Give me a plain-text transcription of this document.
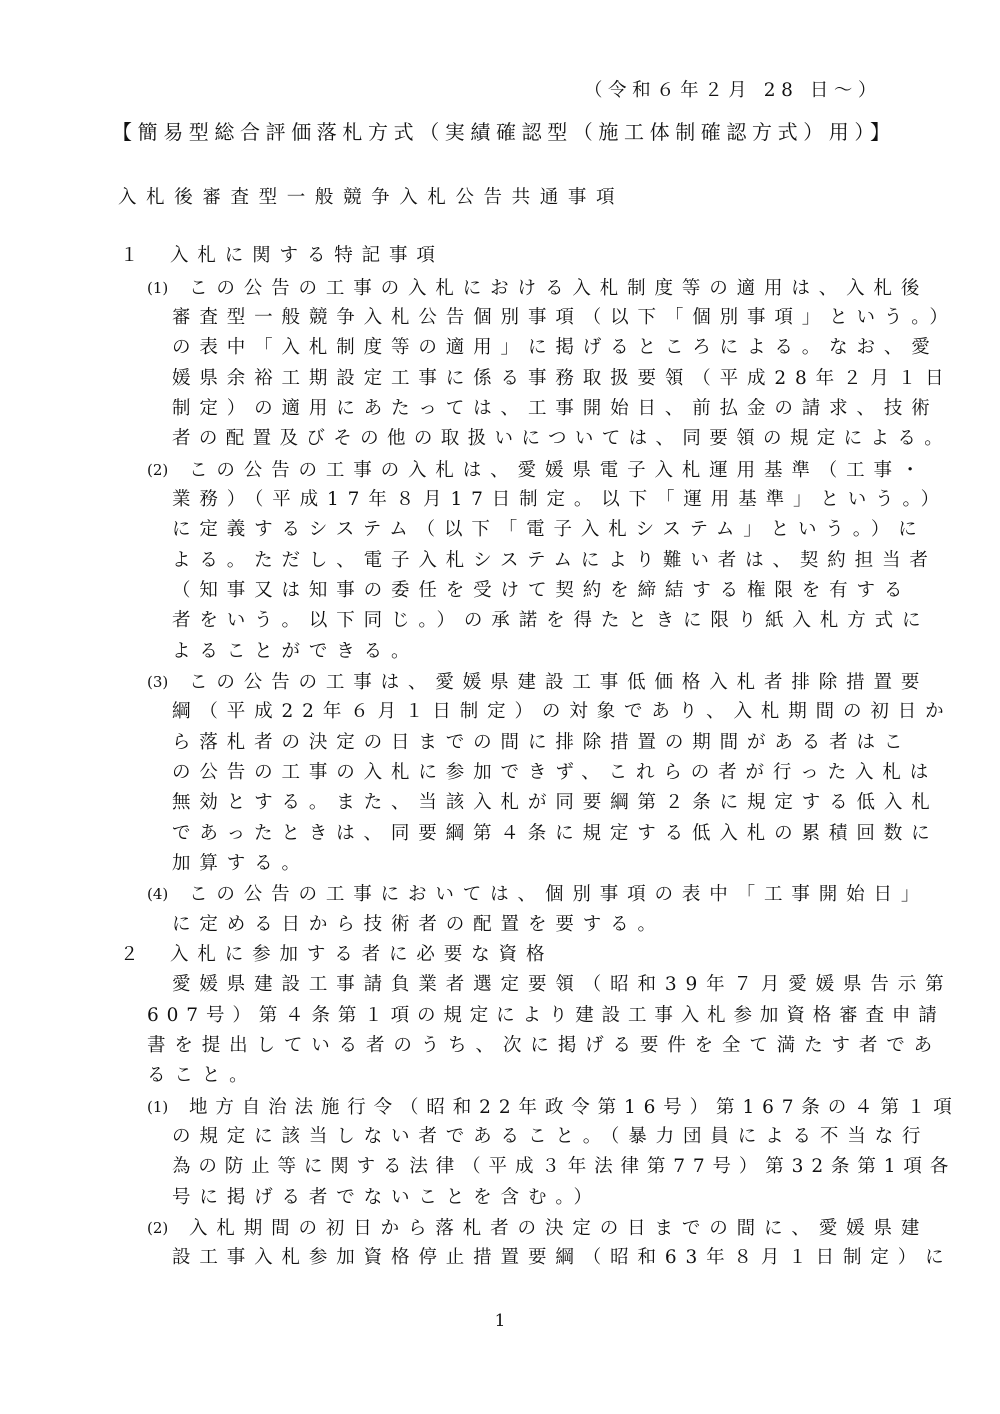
（令和６年２月 28 日～）
【簡易型総合評価落札方式（実績確認型（施工体制確認方式）用）】
入札後審査型一般競争入札公告共通事項
１ 入札に関する特記事項
(1) この公告の工事の入札における入札制度等の適用は、入札後
審査型一般競争入札公告個別事項（以下「個別事項」という。）
の表中「入札制度等の適用」に掲げるところによる。なお、愛
媛県余裕工期設定工事に係る事務取扱要領（平成28年２月１日
制定）の適用にあたっては、工事開始日、前払金の請求、技術
者の配置及びその他の取扱いについては、同要領の規定による。
(2) この公告の工事の入札は、愛媛県電子入札運用基準（工事・
業務）（平成17年８月17日制定。以下「運用基準」という。）
に定義するシステム（以下「電子入札システム」という。）に
よる。ただし、電子入札システムにより難い者は、契約担当者
（知事又は知事の委任を受けて契約を締結する権限を有する
者をいう。以下同じ。）の承諾を得たときに限り紙入札方式に
よることができる。
(3) この公告の工事は、愛媛県建設工事低価格入札者排除措置要
綱（平成22年６月１日制定）の対象であり、入札期間の初日か
ら落札者の決定の日までの間に排除措置の期間がある者はこ
の公告の工事の入札に参加できず、これらの者が行った入札は
無効とする。また、当該入札が同要綱第２条に規定する低入札
であったときは、同要綱第４条に規定する低入札の累積回数に
加算する。
(4) この公告の工事においては、個別事項の表中「工事開始日」
に定める日から技術者の配置を要する。
２ 入札に参加する者に必要な資格
愛媛県建設工事請負業者選定要領（昭和39年７月愛媛県告示第
607号）第４条第１項の規定により建設工事入札参加資格審査申請
書を提出している者のうち、次に掲げる要件を全て満たす者であ
ること。
(1) 地方自治法施行令（昭和22年政令第16号）第167条の４第１項
の規定に該当しない者であること。（暴力団員による不当な行
為の防止等に関する法律（平成３年法律第77号）第32条第1項各
号に掲げる者でないことを含む。）
(2) 入札期間の初日から落札者の決定の日までの間に、愛媛県建
設工事入札参加資格停止措置要綱（昭和63年８月１日制定）に
1
